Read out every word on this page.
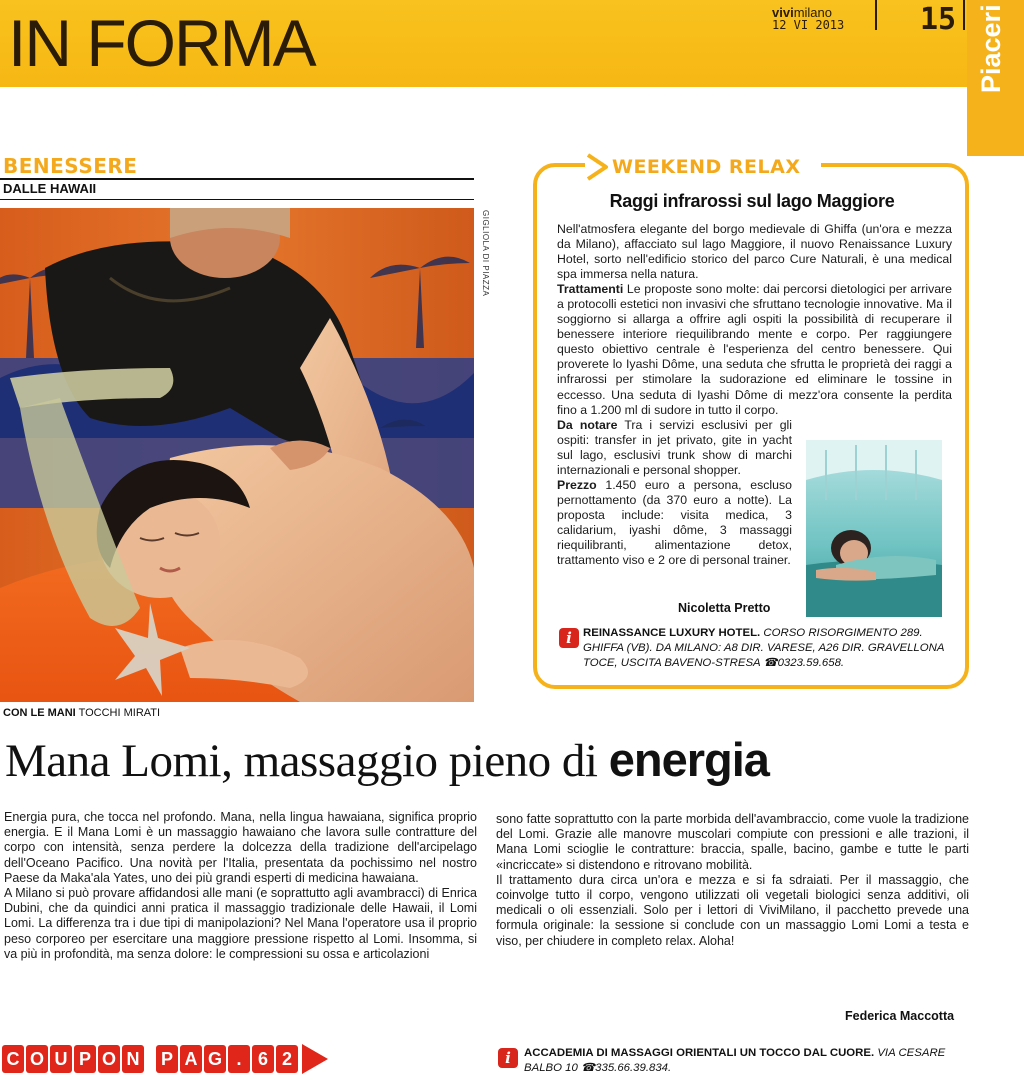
IN FORMA	vivimilano
12 VI 2013	15 Piaceri
BENESSERE
DALLE HAWAII
GIGLIOLA DI PIAZZA
CON LE MANI TOCCHI MIRATI
WEEKEND RELAX
Raggi infrarossi sul lago Maggiore

Nell'atmosfera elegante del borgo medievale di Ghiffa (un'ora e mezza da Milano), affacciato sul lago Maggiore, il nuovo Renaissance Luxury Hotel, sorto nell'edificio storico del parco Cure Naturali, è una medical spa immersa nella natura.

Trattamenti Le proposte sono molte: dai percorsi dietologici per arrivare a protocolli estetici non invasivi che sfruttano tecnologie innovative. Ma il soggiorno si allarga a offrire agli ospiti la possibilità di recuperare il benessere interiore riequilibrando mente e corpo. Per raggiungere questo obiettivo centrale è l'esperienza del centro benessere. Qui proverete lo Iyashi Dôme, una seduta che sfrutta le proprietà dei raggi a infrarossi per stimolare la sudorazione ed eliminare le tossine in eccesso. Una seduta di Iyashi Dôme di mezz'ora consente la perdita fino a 1.200 ml di sudore in tutto il corpo.

Da notare Tra i servizi esclusivi per gli ospiti: transfer in jet privato, gite in yacht sul lago, esclusivi trunk show di marchi internazionali e personal shopper.

Prezzo 1.450 euro a persona, escluso pernottamento (da 370 euro a notte). La proposta include: visita medica, 3 calidarium, iyashi dôme, 3 massaggi riequilibranti, alimentazione detox, trattamento viso e 2 ore di personal trainer.

Nicoletta Pretto
i REINASSANCE LUXURY HOTEL. CORSO RISORGIMENTO 289. GHIFFA (VB). DA MILANO: A8 DIR. VARESE, A26 DIR. GRAVELLONA TOCE, USCITA BAVENO-STRESA ☎0323.59.658.
Mana Lomi, massaggio pieno di energia

Energia pura, che tocca nel profondo. Mana, nella lingua hawaiana, significa proprio energia. E il Mana Lomi è un massaggio hawaiano che lavora sulle contratture del corpo con intensità, senza perdere la dolcezza della tradizione dell'arcipelago dell'Oceano Pacifico. Una novità per l'Italia, presentata da pochissimo nel nostro Paese da Maka'ala Yates, uno dei più grandi esperti di medicina hawaiana.

A Milano si può provare affidandosi alle mani (e soprattutto agli avambracci) di Enrica Dubini, che da quindici anni pratica il massaggio tradizionale delle Hawaii, il Lomi Lomi. La differenza tra i due tipi di manipolazioni? Nel Mana l'operatore usa il proprio peso corporeo per esercitare una maggiore pressione rispetto al Lomi. Insomma, si va più in profondità, ma senza dolore: le compressioni su ossa e articolazioni

sono fatte soprattutto con la parte morbida dell'avambraccio, come vuole la tradizione del Lomi. Grazie alle manovre muscolari compiute con pressioni e alle trazioni, il Mana Lomi scioglie le contratture: braccia, spalle, bacino, gambe e tutte le parti «incriccate» si distendono e ritrovano mobilità.

Il trattamento dura circa un'ora e mezza e si fa sdraiati. Per il massaggio, che coinvolge tutto il corpo, vengono utilizzati oli vegetali biologici senza additivi, oli medicali o oli essenziali. Solo per i lettori di ViviMilano, il pacchetto prevede una formula originale: la sessione si conclude con un massaggio Lomi Lomi a testa e viso, per chiudere in completo relax. Aloha!

Federica Maccotta
C O U P O N P A G . 6 2	i	ACCADEMIA DI MASSAGGI ORIENTALI UN TOCCO DAL CUORE. VIA CESARE BALBO 10 ☎335.66.39.834.
